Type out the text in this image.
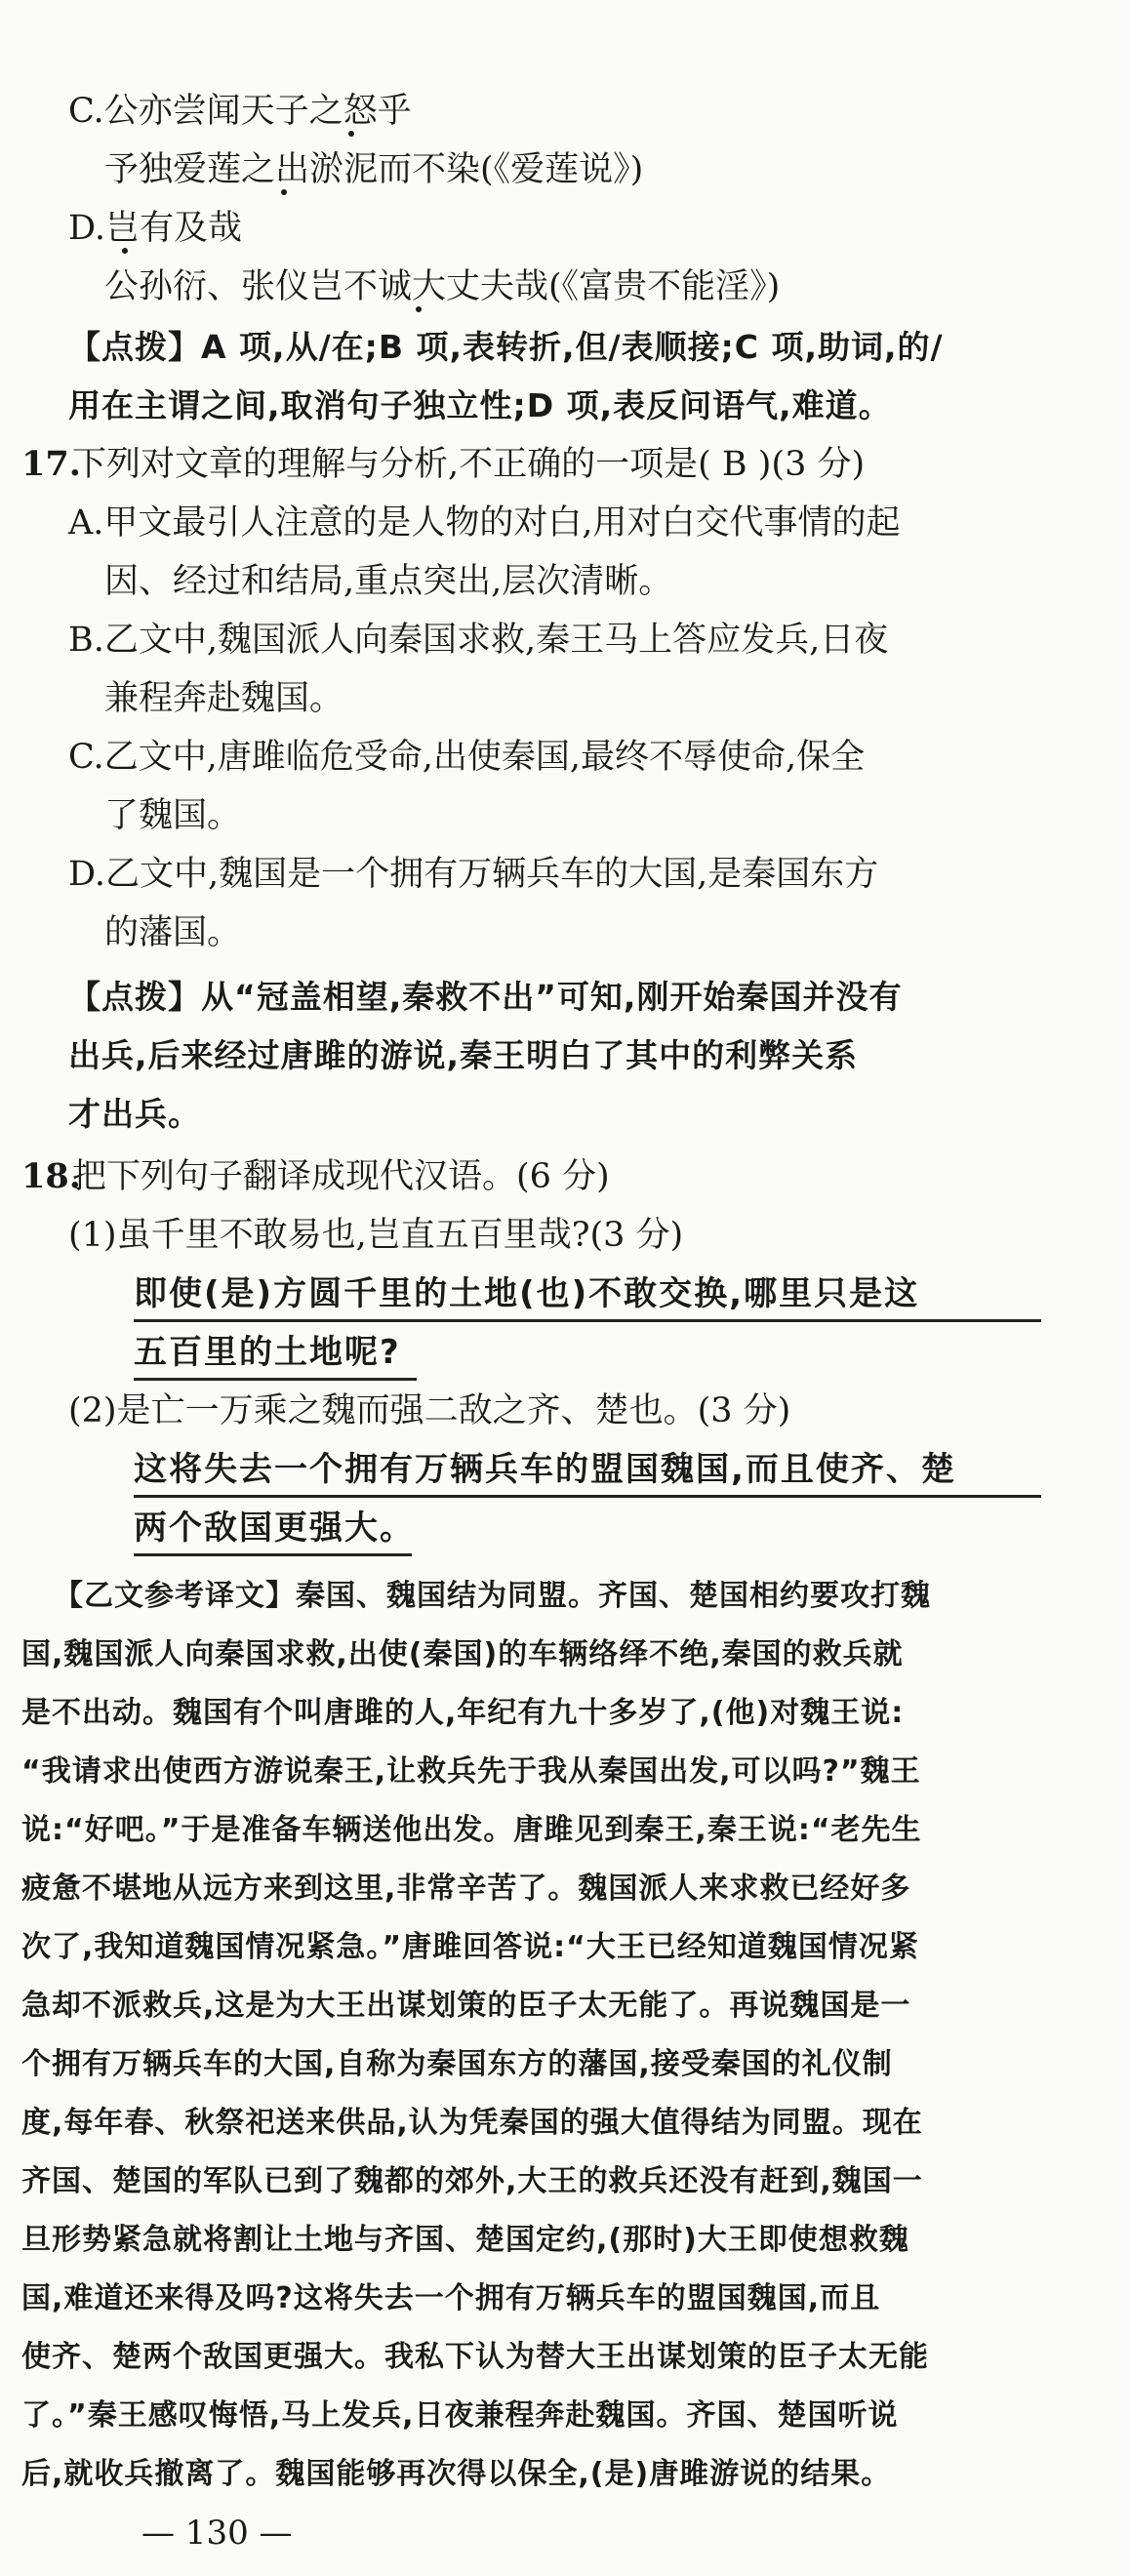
C.公亦尝闻天子之怒乎
予独爱莲之出淤泥而不染(《爱莲说》)
D.岂有及哉
公孙衍、张仪岂不诚大丈夫哉(《富贵不能淫》)
【点拨】A 项,从/在;B 项,表转折,但/表顺接;C 项,助词,的/
用在主谓之间,取消句子独立性;D 项,表反问语气,难道。
17.
下列对文章的理解与分析,不正确的一项是( B )(3 分)
A.甲文最引人注意的是人物的对白,用对白交代事情的起
因、经过和结局,重点突出,层次清晰。
B.乙文中,魏国派人向秦国求救,秦王马上答应发兵,日夜
兼程奔赴魏国。
C.乙文中,唐雎临危受命,出使秦国,最终不辱使命,保全
了魏国。
D.乙文中,魏国是一个拥有万辆兵车的大国,是秦国东方
的藩国。
【点拨】从“冠盖相望,秦救不出”可知,刚开始秦国并没有
出兵,后来经过唐雎的游说,秦王明白了其中的利弊关系
才出兵。
18.
把下列句子翻译成现代汉语。(6 分)
(1)虽千里不敢易也,岂直五百里哉?(3 分)
即使(是)方圆千里的土地(也)不敢交换,哪里只是这
五百里的土地呢?
(2)是亡一万乘之魏而强二敌之齐、楚也。(3 分)
这将失去一个拥有万辆兵车的盟国魏国,而且使齐、楚
两个敌国更强大。
【乙文参考译文】秦国、魏国结为同盟。齐国、楚国相约要攻打魏
国,魏国派人向秦国求救,出使(秦国)的车辆络绎不绝,秦国的救兵就
是不出动。魏国有个叫唐雎的人,年纪有九十多岁了,(他)对魏王说:
“我请求出使西方游说秦王,让救兵先于我从秦国出发,可以吗?”魏王
说:“好吧。”于是准备车辆送他出发。唐雎见到秦王,秦王说:“老先生
疲惫不堪地从远方来到这里,非常辛苦了。魏国派人来求救已经好多
次了,我知道魏国情况紧急。”唐雎回答说:“大王已经知道魏国情况紧
急却不派救兵,这是为大王出谋划策的臣子太无能了。再说魏国是一
个拥有万辆兵车的大国,自称为秦国东方的藩国,接受秦国的礼仪制
度,每年春、秋祭祀送来供品,认为凭秦国的强大值得结为同盟。现在
齐国、楚国的军队已到了魏都的郊外,大王的救兵还没有赶到,魏国一
旦形势紧急就将割让土地与齐国、楚国定约,(那时)大王即使想救魏
国,难道还来得及吗?这将失去一个拥有万辆兵车的盟国魏国,而且
使齐、楚两个敌国更强大。我私下认为替大王出谋划策的臣子太无能
了。”秦王感叹悔悟,马上发兵,日夜兼程奔赴魏国。齐国、楚国听说
后,就收兵撤离了。魏国能够再次得以保全,(是)唐雎游说的结果。
— 130 —
